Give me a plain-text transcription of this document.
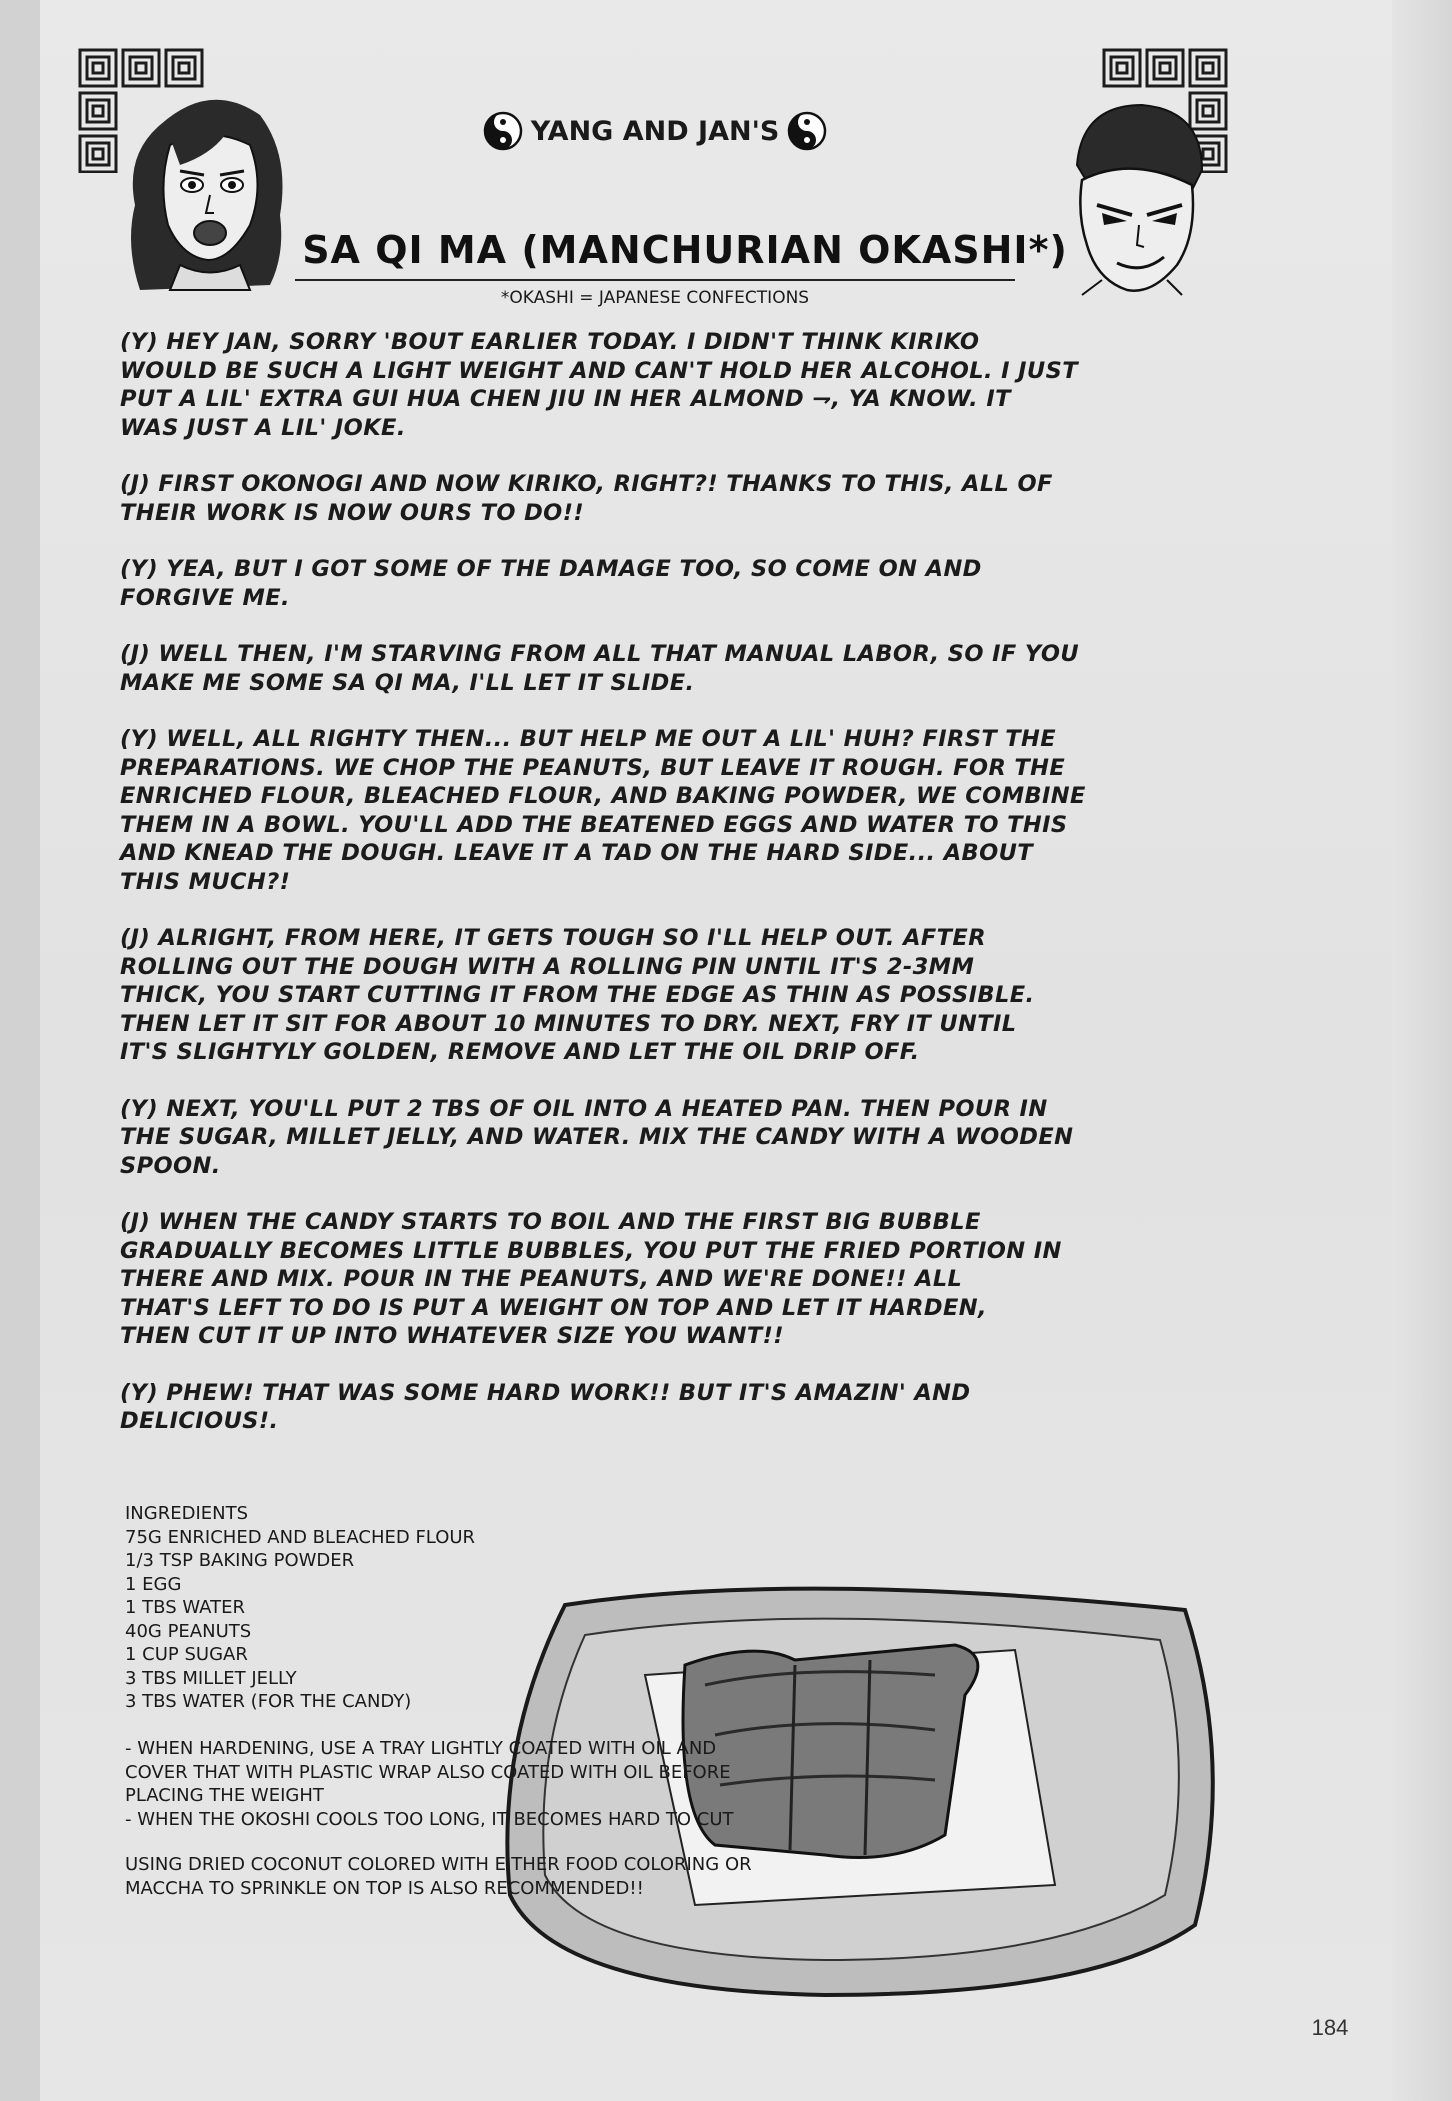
YANG AND JAN'S
SA QI MA (MANCHURIAN OKASHI*)
*OKASHI = JAPANESE CONFECTIONS

(Y) HEY JAN, SORRY 'BOUT EARLIER TODAY. I DIDN'T THINK KIRIKO
WOULD BE SUCH A LIGHT WEIGHT AND CAN'T HOLD HER ALCOHOL. I JUST
PUT A LIL' EXTRA GUI HUA CHEN JIU IN HER ALMOND ⇁, YA KNOW. IT
WAS JUST A LIL' JOKE.

(J) FIRST OKONOGI AND NOW KIRIKO, RIGHT?! THANKS TO THIS, ALL OF
THEIR WORK IS NOW OURS TO DO!!

(Y) YEA, BUT I GOT SOME OF THE DAMAGE TOO, SO COME ON AND
FORGIVE ME.

(J) WELL THEN, I'M STARVING FROM ALL THAT MANUAL LABOR, SO IF YOU
MAKE ME SOME SA QI MA, I'LL LET IT SLIDE.

(Y) WELL, ALL RIGHTY THEN... BUT HELP ME OUT A LIL' HUH? FIRST THE
PREPARATIONS. WE CHOP THE PEANUTS, BUT LEAVE IT ROUGH. FOR THE
ENRICHED FLOUR, BLEACHED FLOUR, AND BAKING POWDER, WE COMBINE
THEM IN A BOWL. YOU'LL ADD THE BEATENED EGGS AND WATER TO THIS
AND KNEAD THE DOUGH. LEAVE IT A TAD ON THE HARD SIDE... ABOUT
THIS MUCH?!

(J) ALRIGHT, FROM HERE, IT GETS TOUGH SO I'LL HELP OUT. AFTER
ROLLING OUT THE DOUGH WITH A ROLLING PIN UNTIL IT'S 2-3MM
THICK, YOU START CUTTING IT FROM THE EDGE AS THIN AS POSSIBLE.
THEN LET IT SIT FOR ABOUT 10 MINUTES TO DRY. NEXT, FRY IT UNTIL
IT'S SLIGHTYLY GOLDEN, REMOVE AND LET THE OIL DRIP OFF.

(Y) NEXT, YOU'LL PUT 2 TBS OF OIL INTO A HEATED PAN. THEN POUR IN
THE SUGAR, MILLET JELLY, AND WATER. MIX THE CANDY WITH A WOODEN
SPOON.

(J) WHEN THE CANDY STARTS TO BOIL AND THE FIRST BIG BUBBLE
GRADUALLY BECOMES LITTLE BUBBLES, YOU PUT THE FRIED PORTION IN
THERE AND MIX. POUR IN THE PEANUTS, AND WE'RE DONE!! ALL
THAT'S LEFT TO DO IS PUT A WEIGHT ON TOP AND LET IT HARDEN,
THEN CUT IT UP INTO WHATEVER SIZE YOU WANT!!

(Y) PHEW! THAT WAS SOME HARD WORK!! BUT IT'S AMAZIN' AND
DELICIOUS!.

INGREDIENTS
75G ENRICHED AND BLEACHED FLOUR
1/3 TSP BAKING POWDER
1 EGG
1 TBS WATER
40G PEANUTS
1 CUP SUGAR
3 TBS MILLET JELLY
3 TBS WATER (FOR THE CANDY)
- WHEN HARDENING, USE A TRAY LIGHTLY COATED WITH OIL AND
COVER THAT WITH PLASTIC WRAP ALSO COATED WITH OIL BEFORE
PLACING THE WEIGHT
- WHEN THE OKOSHI COOLS TOO LONG, IT BECOMES HARD TO CUT
USING DRIED COCONUT COLORED WITH EITHER FOOD COLORING OR
MACCHA TO SPRINKLE ON TOP IS ALSO RECOMMENDED!!
184
